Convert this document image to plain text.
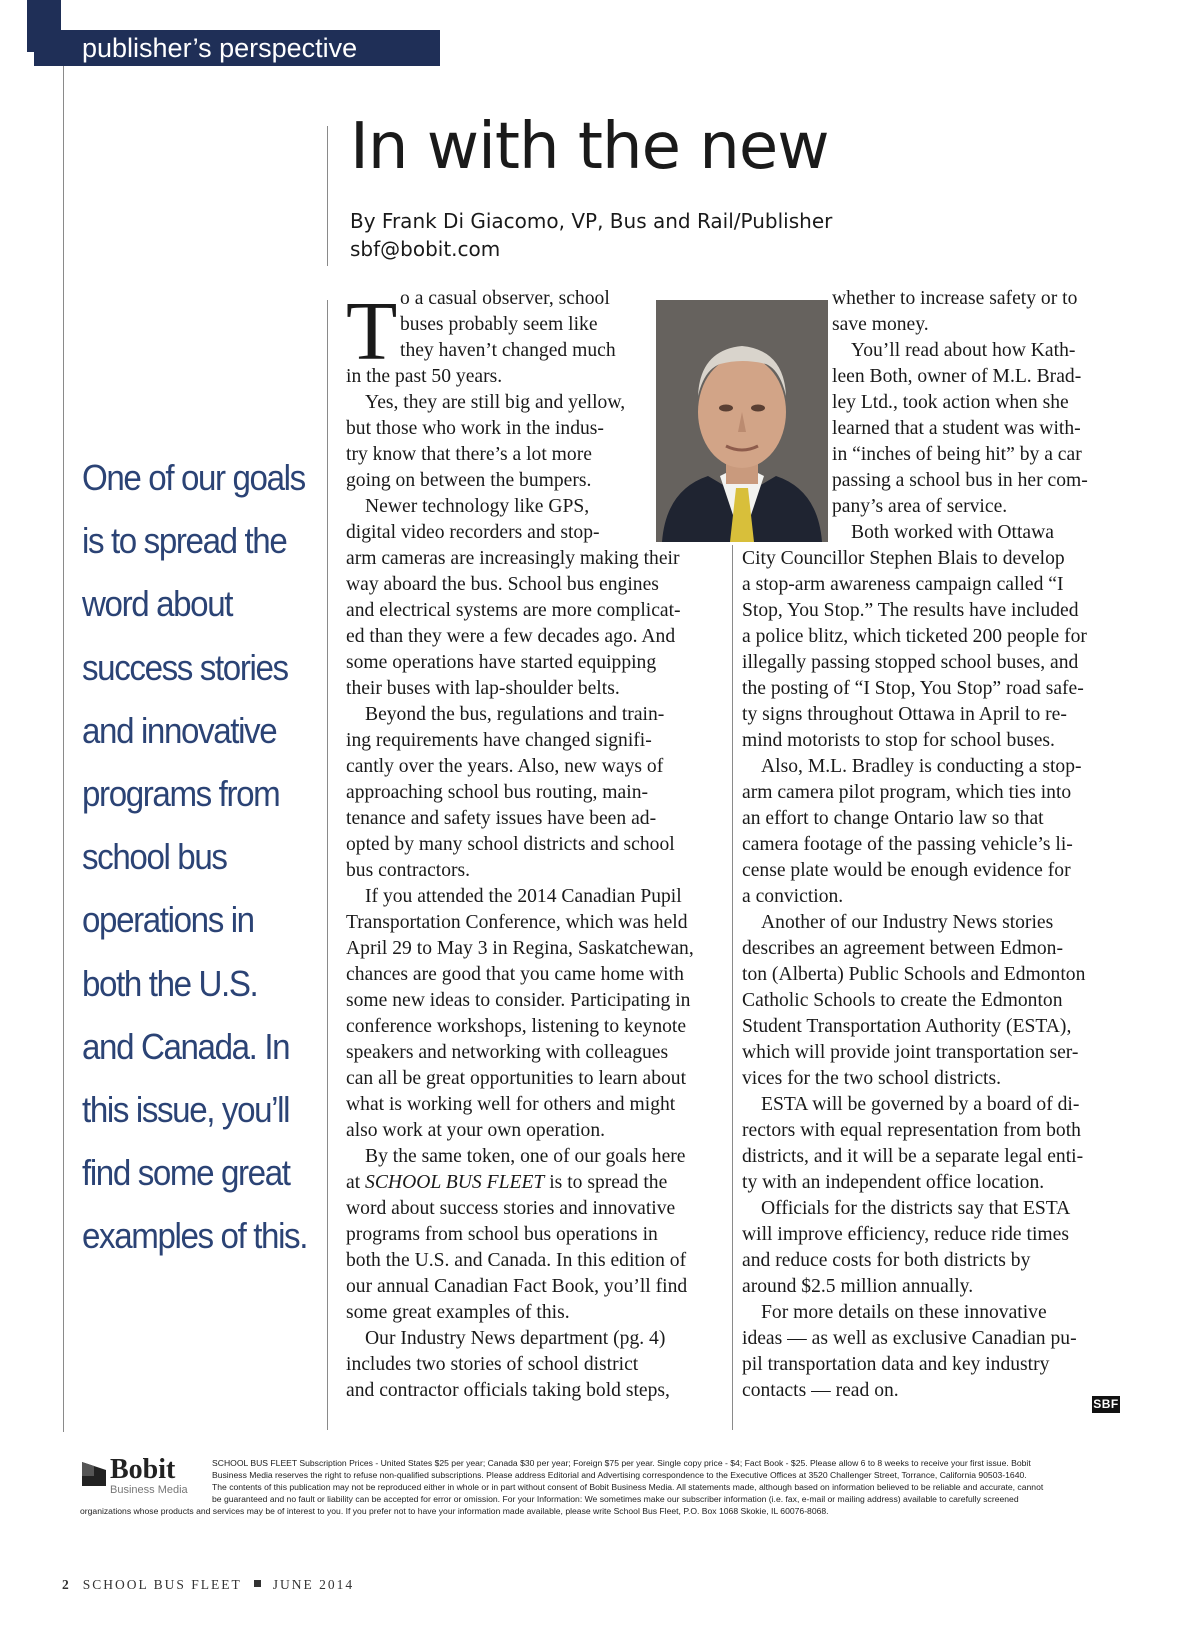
publisher’s perspective
In with the new
By Frank Di Giacomo, VP, Bus and Rail/Publisher
sbf@bobit.com
One of our goals
is to spread the
word about
success stories
and innovative
programs from
school bus
operations in
both the U.S.
and Canada. In
this issue, you’ll
find some great
examples of this.
T o a casual observer, school
buses probably seem like
they haven’t changed much
in the past 50 years.
Yes, they are still big and yellow,
but those who work in the indus-
try know that there’s a lot more
going on between the bumpers.
Newer technology like GPS,
digital video recorders and stop-
arm cameras are increasingly making their
way aboard the bus. School bus engines
and electrical systems are more complicat-
ed than they were a few decades ago. And
some operations have started equipping
their buses with lap-shoulder belts.
Beyond the bus, regulations and train-
ing requirements have changed signifi-
cantly over the years. Also, new ways of
approaching school bus routing, main-
tenance and safety issues have been ad-
opted by many school districts and school
bus contractors.
If you attended the 2014 Canadian Pupil
Transportation Conference, which was held
April 29 to May 3 in Regina, Saskatchewan,
chances are good that you came home with
some new ideas to consider. Participating in
conference workshops, listening to keynote
speakers and networking with colleagues
can all be great opportunities to learn about
what is working well for others and might
also work at your own operation.
By the same token, one of our goals here
at SCHOOL BUS FLEET is to spread the
word about success stories and innovative
programs from school bus operations in
both the U.S. and Canada. In this edition of
our annual Canadian Fact Book, you’ll find
some great examples of this.
Our Industry News department (pg. 4)
includes two stories of school district
and contractor officials taking bold steps,
whether to increase safety or to
save money.
You’ll read about how Kath-
leen Both, owner of M.L. Brad-
ley Ltd., took action when she
learned that a student was with-
in “inches of being hit” by a car
passing a school bus in her com-
pany’s area of service.
Both worked with Ottawa
City Councillor Stephen Blais to develop
a stop-arm awareness campaign called “I
Stop, You Stop.” The results have included
a police blitz, which ticketed 200 people for
illegally passing stopped school buses, and
the posting of “I Stop, You Stop” road safe-
ty signs throughout Ottawa in April to re-
mind motorists to stop for school buses.
Also, M.L. Bradley is conducting a stop-
arm camera pilot program, which ties into
an effort to change Ontario law so that
camera footage of the passing vehicle’s li-
cense plate would be enough evidence for
a conviction.
Another of our Industry News stories
describes an agreement between Edmon-
ton (Alberta) Public Schools and Edmonton
Catholic Schools to create the Edmonton
Student Transportation Authority (ESTA),
which will provide joint transportation ser-
vices for the two school districts.
ESTA will be governed by a board of di-
rectors with equal representation from both
districts, and it will be a separate legal enti-
ty with an independent office location.
Officials for the districts say that ESTA
will improve efficiency, reduce ride times
and reduce costs for both districts by
around $2.5 million annually.
For more details on these innovative
ideas — as well as exclusive Canadian pu-
pil transportation data and key industry
contacts — read on.
SBF
Bobit
Business Media
SCHOOL BUS FLEET Subscription Prices - United States $25 per year; Canada $30 per year; Foreign $75 per year. Single copy price - $4; Fact Book - $25. Please allow 6 to 8 weeks to receive your first issue. Bobit
Business Media reserves the right to refuse non-qualified subscriptions. Please address Editorial and Advertising correspondence to the Executive Offices at 3520 Challenger Street, Torrance, California 90503-1640.
The contents of this publication may not be reproduced either in whole or in part without consent of Bobit Business Media. All statements made, although based on information believed to be reliable and accurate, cannot
be guaranteed and no fault or liability can be accepted for error or omission. For your Information: We sometimes make our subscriber information (i.e. fax, e-mail or mailing address) available to carefully screened
organizations whose products and services may be of interest to you. If you prefer not to have your information made available, please write School Bus Fleet, P.O. Box 1068 Skokie, IL 60076-8068.
2 SCHOOL BUS FLEET JUNE 2014
